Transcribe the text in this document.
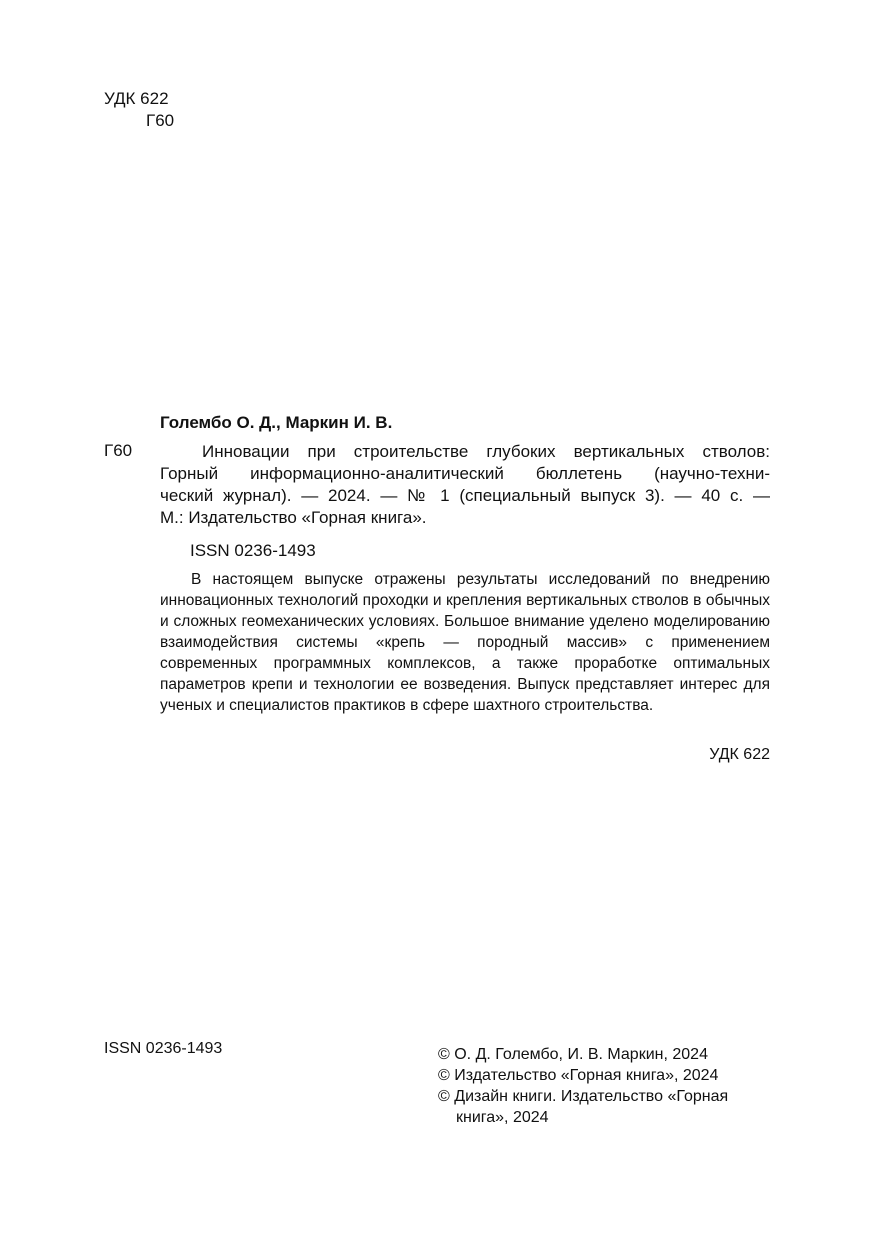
УДК 622
Г60
Голембо О. Д., Маркин И. В.
Г60	Инновации при строительстве глубоких вертикальных стволов:

Горный информационно-аналитический бюллетень (научно-техни-

ческий журнал). — 2024. — № 1 (специальный выпуск 3). — 40 с. —

М.: Издательство «Горная книга».

ISSN 0236-1493

В настоящем выпуске отражены результаты исследований по внедрению инновационных технологий проходки и крепления вертикальных стволов в обычных и сложных геомеханических условиях. Большое внимание уделено моделированию взаимодействия системы «крепь — породный массив» с применением современных программных комплексов, а также проработке оптимальных параметров крепи и технологии ее возведения. Выпуск представляет интерес для ученых и специалистов практиков в сфере шахтного строительства.

УДК 622
ISSN 0236-1493	© О. Д. Голембо, И. В. Маркин, 2024
© Издательство «Горная книга», 2024
© Дизайн книги. Издательство «Горная книга», 2024
